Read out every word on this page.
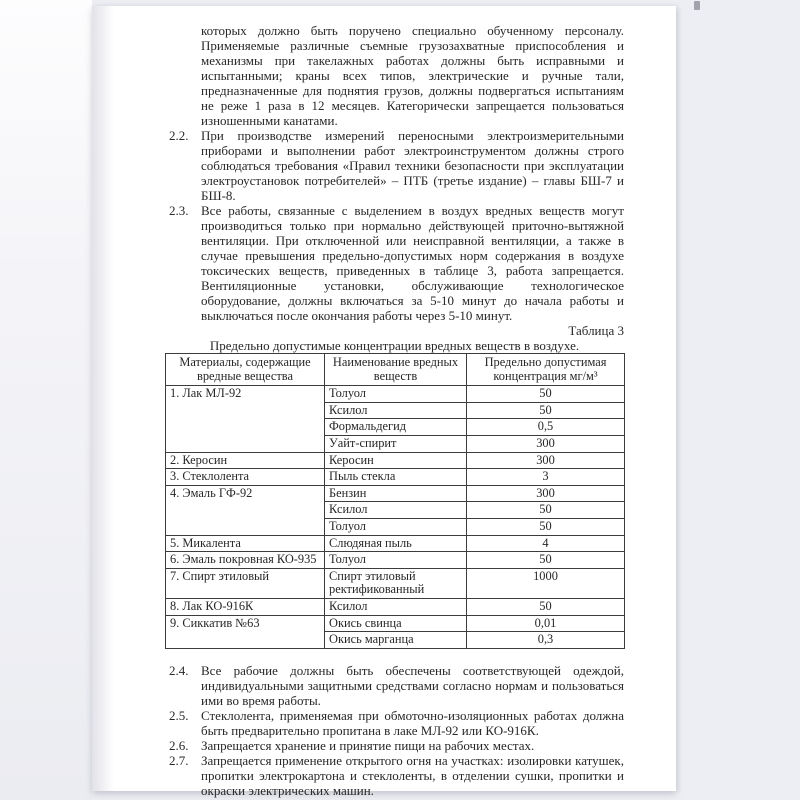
которых должно быть поручено специально обученному персоналу. Применяемые различные съемные грузозахватные приспособления и механизмы при такелажных работах должны быть исправными и испытанными; краны всех типов, электрические и ручные тали, предназначенные для поднятия грузов, должны подвергаться испытаниям не реже 1 раза в 12 месяцев. Категорически запрещается пользоваться изношенными канатами.
2.2. При производстве измерений переносными электроизмерительными приборами и выполнении работ электроинструментом должны строго соблюдаться требования «Правил техники безопасности при эксплуатации электроустановок потребителей» – ПТБ (третье издание) – главы БШ-7 и БШ-8.
2.3. Все работы, связанные с выделением в воздух вредных веществ могут производиться только при нормально действующей приточно-вытяжной вентиляции. При отключенной или неисправной вентиляции, а также в случае превышения предельно-допустимых норм содержания в воздухе токсических веществ, приведенных в таблице 3, работа запрещается. Вентиляционные установки, обслуживающие технологическое оборудование, должны включаться за 5-10 минут до начала работы и выключаться после окончания работы через 5-10 минут.
Таблица 3
Предельно допустимые концентрации вредных веществ в воздухе.
Материалы, содержащие вредные вещества	Наименование вредных веществ	Предельно допустимая концентрация мг/м³
1. Лак МЛ-92	Толуол	50
	Ксилол	50
	Формальдегид	0,5
	Уайт-спирит	300
2. Керосин	Керосин	300
3. Стеклолента	Пыль стекла	3
4. Эмаль ГФ-92	Бензин	300
	Ксилол	50
	Толуол	50
5. Микалента	Слюдяная пыль	4
6. Эмаль покровная КО-935	Толуол	50
7. Спирт этиловый	Спирт этиловый ректификованный	1000
8. Лак КО-916К	Ксилол	50
9. Сиккатив №63	Окись свинца	0,01
	Окись марганца	0,3
2.4. Все рабочие должны быть обеспечены соответствующей одеждой, индивидуальными защитными средствами согласно нормам и пользоваться ими во время работы.
2.5. Стеклолента, применяемая при обмоточно-изоляционных работах должна быть предварительно пропитана в лаке МЛ-92 или КО-916К.
2.6. Запрещается хранение и принятие пищи на рабочих местах.
2.7. Запрещается применение открытого огня на участках: изолировки катушек, пропитки электрокартона и стеклоленты, в отделении сушки, пропитки и окраски электрических машин.
